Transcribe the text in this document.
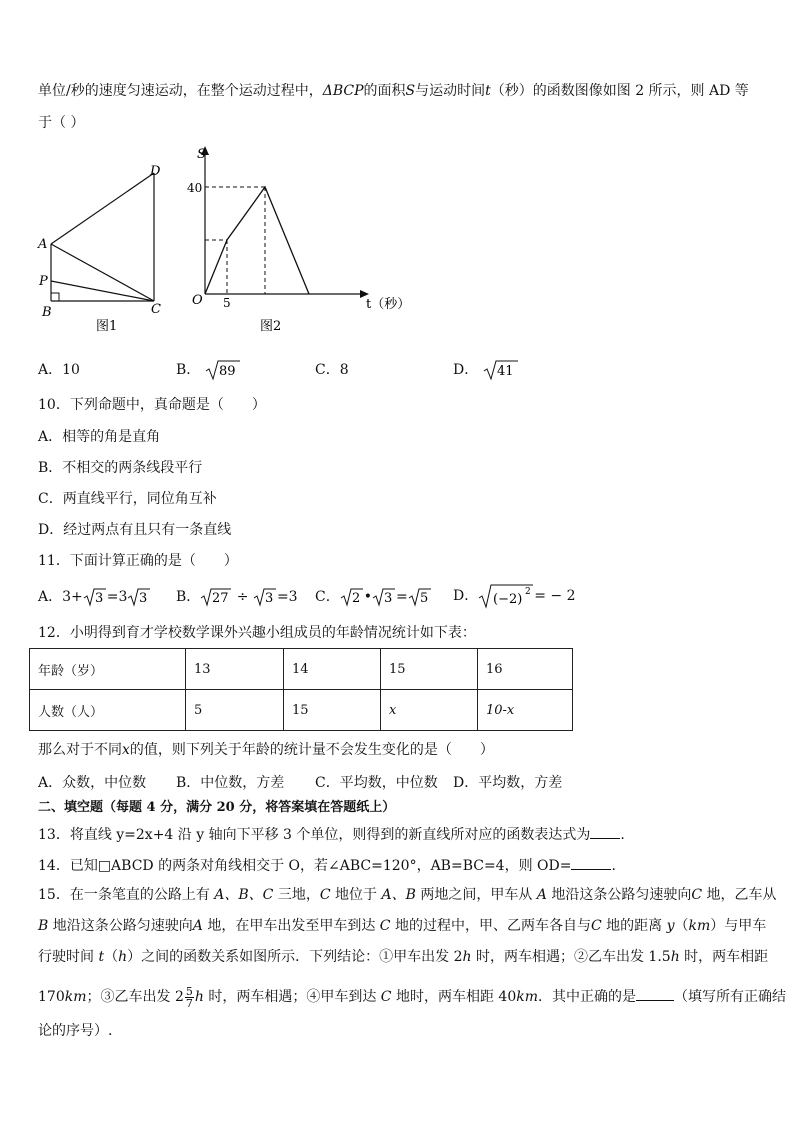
单位/秒的速度匀速运动，在整个运动过程中，ΔBCP的面积S与运动时间t（秒）的函数图像如图 2 所示，则 AD 等
于（ ）
D
A
P
B	C
图1
S
40
O 5	t（秒）
图2
A．10	B． 89	C．8	D． 41
10．下列命题中，真命题是（　　）
A．相等的角是直角
B．不相交的两条线段平行
C．两直线平行，同位角互补
D．经过两点有且只有一条直线
11．下面计算正确的是（　　）
A．3+ 3 =3 3 B． 27 ÷ 3 =3 C． 2 • 3 = 5 D． (−2) 2 = − 2
12．小明得到育才学校数学课外兴趣小组成员的年龄情况统计如下表：
年龄（岁）	13	14	15	16
人数（人）	5	15	x	10-x
那么对于不同x的值，则下列关于年龄的统计量不会发生变化的是（　　）
A．众数，中位数 B．中位数，方差 C．平均数，中位数 D．平均数，方差
二、填空题（每题 4 分，满分 20 分，将答案填在答题纸上）
13．将直线 y=2x+4 沿 y 轴向下平移 3 个单位，则得到的新直线所对应的函数表达式为 .
14．已知□ABCD 的两条对角线相交于 O，若∠ABC=120°，AB=BC=4，则 OD=	.
15．在一条笔直的公路上有 A、B、C 三地，C 地位于 A、B 两地之间，甲车从 A 地沿这条公路匀速驶向C 地，乙车从
B 地沿这条公路匀速驶向A 地，在甲车出发至甲车到达 C 地的过程中，甲、乙两车各自与C 地的距离 y（km）与甲车
行驶时间 t（h）之间的函数关系如图所示．下列结论：①甲车出发 2h 时，两车相遇；②乙车出发 1.5h 时，两车相距
170km；③乙车出发 $2 \frac{5}{7}$ h 时，两车相遇；④甲车到达 C 地时，两车相距 40km．其中正确的是	（填写所有正确结
论的序号）.
